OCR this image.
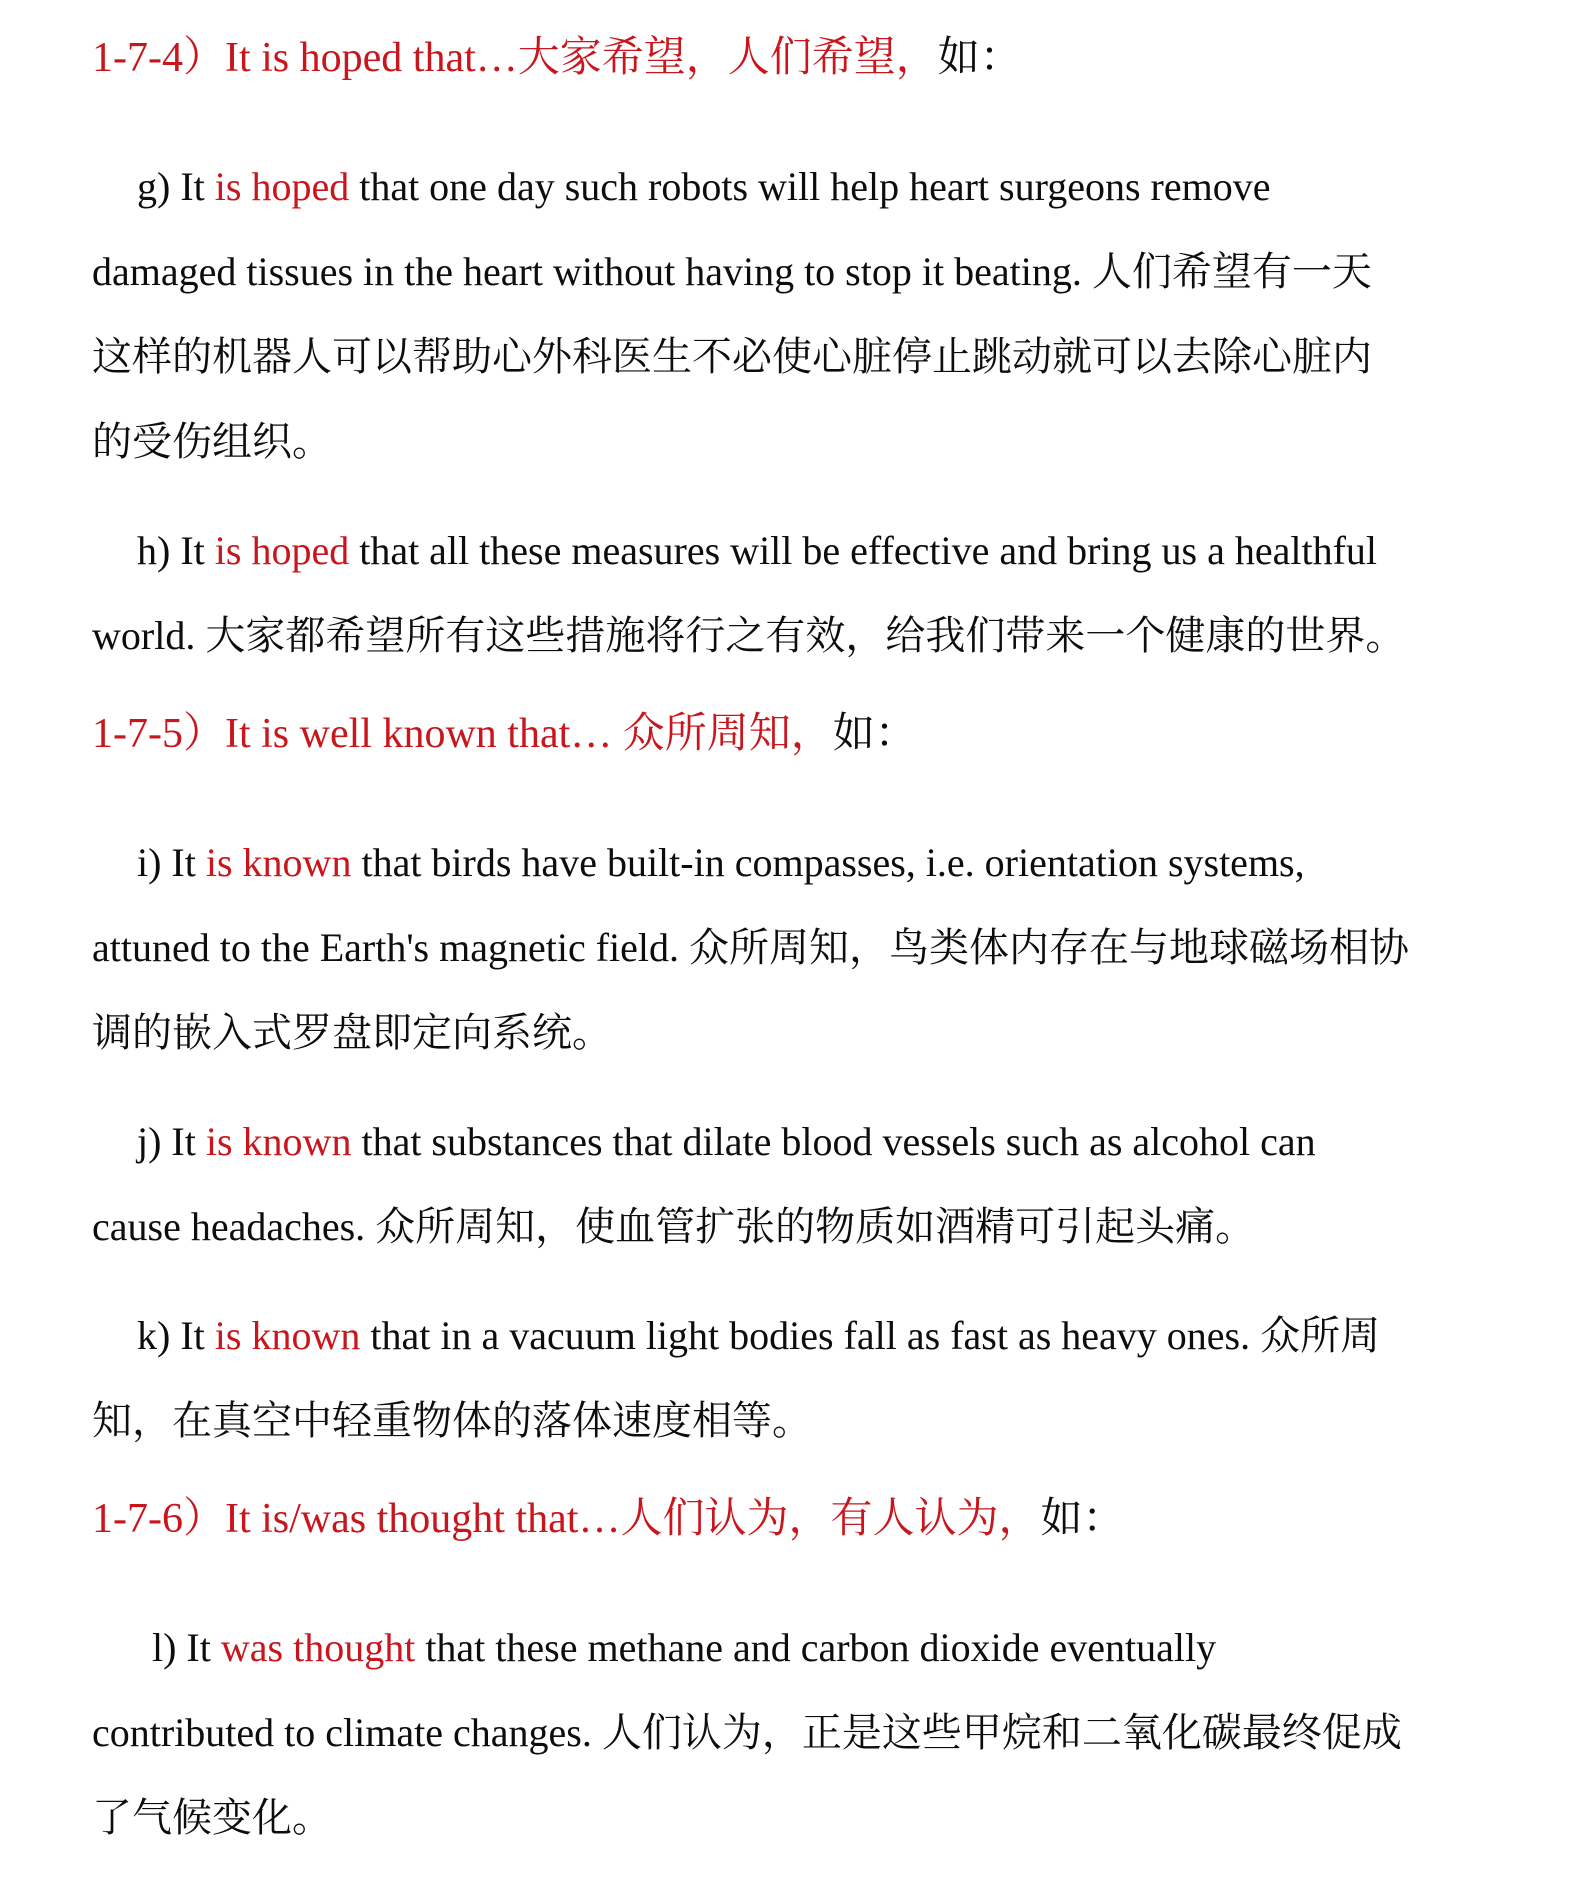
1-7-4）It is hoped that…大家希望，人们希望，如：
g) It is hoped that one day such robots will help heart surgeons remove
damaged tissues in the heart without having to stop it beating. 人们希望有一天
这样的机器人可以帮助心外科医生不必使心脏停止跳动就可以去除心脏内
的受伤组织。
h) It is hoped that all these measures will be effective and bring us a healthful
world. 大家都希望所有这些措施将行之有效，给我们带来一个健康的世界。
1-7-5）It is well known that… 众所周知，如：
i) It is known that birds have built-in compasses, i.e. orientation systems,
attuned to the Earth's magnetic field. 众所周知，鸟类体内存在与地球磁场相协
调的嵌入式罗盘即定向系统。
j) It is known that substances that dilate blood vessels such as alcohol can
cause headaches. 众所周知，使血管扩张的物质如酒精可引起头痛。
k) It is known that in a vacuum light bodies fall as fast as heavy ones. 众所周
知，在真空中轻重物体的落体速度相等。
1-7-6）It is/was thought that…人们认为，有人认为，如：
l) It was thought that these methane and carbon dioxide eventually
contributed to climate changes. 人们认为，正是这些甲烷和二氧化碳最终促成
了气候变化。
